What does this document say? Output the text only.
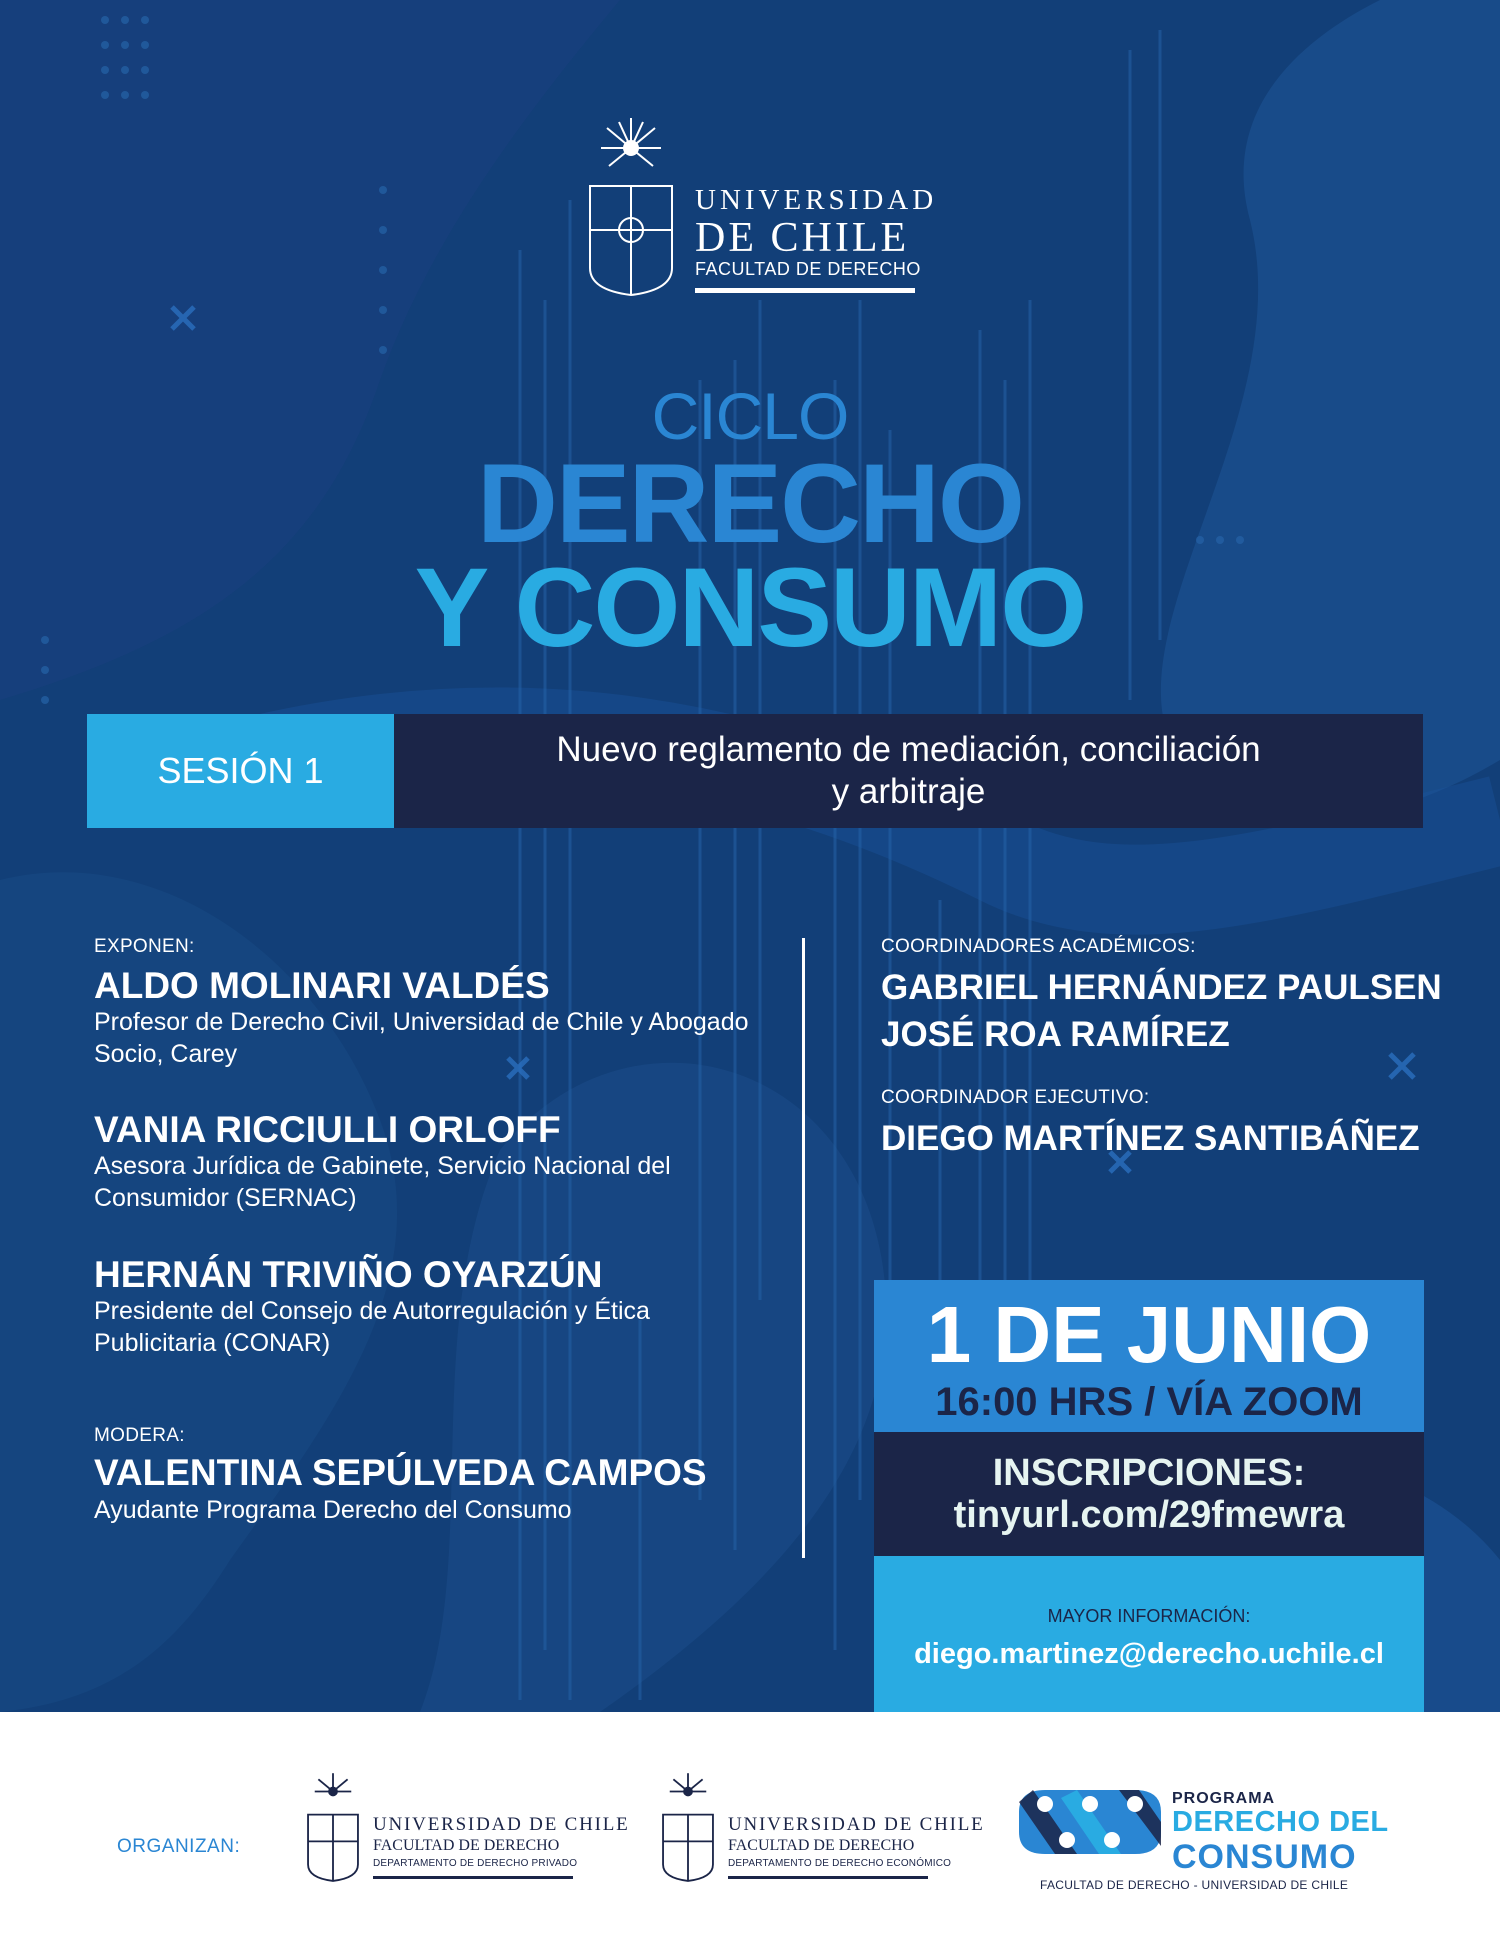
UNIVERSIDAD
DE CHILE
FACULTAD DE DERECHO
CICLO
DERECHO
Y CONSUMO
SESIÓN 1
Nuevo reglamento de mediación, conciliación
y arbitraje
EXPONEN:
ALDO MOLINARI VALDÉS
Profesor de Derecho Civil, Universidad de Chile y Abogado Socio, Carey
VANIA RICCIULLI ORLOFF
Asesora Jurídica de Gabinete, Servicio Nacional del Consumidor (SERNAC)
HERNÁN TRIVIÑO OYARZÚN
Presidente del Consejo de Autorregulación y Ética Publicitaria (CONAR)
MODERA:
VALENTINA SEPÚLVEDA CAMPOS
Ayudante Programa Derecho del Consumo
COORDINADORES ACADÉMICOS:
GABRIEL HERNÁNDEZ PAULSEN
JOSÉ ROA RAMÍREZ
COORDINADOR EJECUTIVO:
DIEGO MARTÍNEZ SANTIBÁÑEZ
1 DE JUNIO
16:00 HRS / VÍA ZOOM
INSCRIPCIONES:
tinyurl.com/29fmewra
MAYOR INFORMACIÓN:
diego.martinez@derecho.uchile.cl
ORGANIZAN:
UNIVERSIDAD DE CHILE
FACULTAD DE DERECHO
DEPARTAMENTO DE DERECHO PRIVADO
UNIVERSIDAD DE CHILE
FACULTAD DE DERECHO
DEPARTAMENTO DE DERECHO ECONÓMICO
PROGRAMA
DERECHO DEL
CONSUMO
FACULTAD DE DERECHO - UNIVERSIDAD DE CHILE
